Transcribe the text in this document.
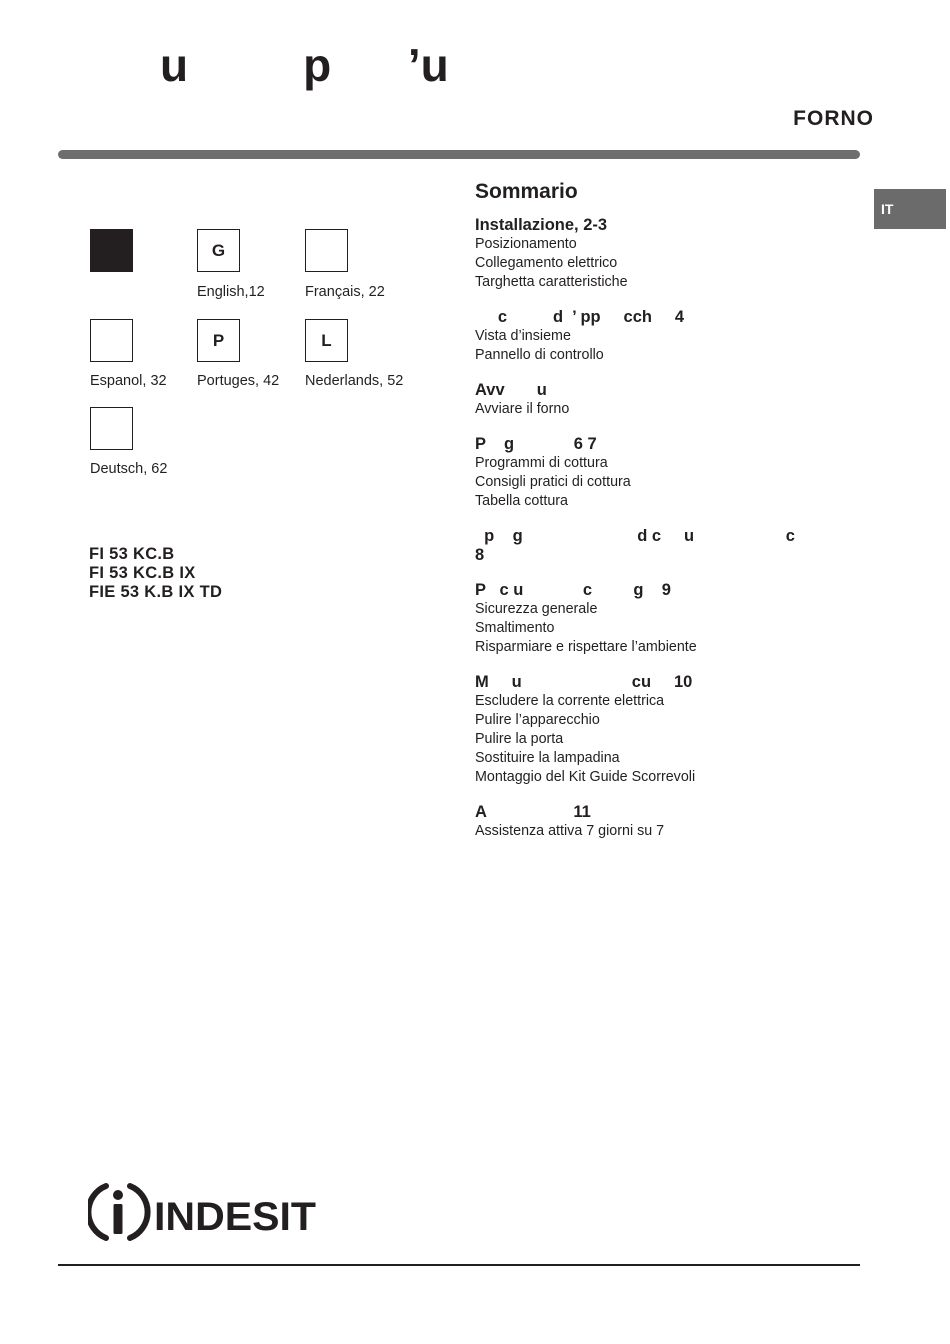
u         p      ’u
FORNO
IT
G
English,12	Français, 22
Espanol, 32
P
Portuges, 42
L
Nederlands, 52
Deutsch, 62
FI 53 KC.B
FI 53 KC.B IX
FIE 53 K.B IX TD
Sommario
Installazione, 2-3
Posizionamento
Collegamento elettrico
Targhetta caratteristiche
c          d  ’ pp     cch     4
Vista d’insieme
Pannello di controllo
Avv       u
Avviare il forno
P    g             6 7
Programmi di cottura
Consigli pratici di cottura
Tabella cottura
p    g                         d c     u                    c
8
P   c u             c         g    9
Sicurezza generale
Smaltimento
Risparmiare e rispettare l’ambiente
M     u                        cu     10
Escludere la corrente elettrica
Pulire l’apparecchio
Pulire la porta
Sostituire la lampadina
Montaggio del Kit Guide Scorrevoli
A                   11
Assistenza attiva 7 giorni su 7
INDESIT
